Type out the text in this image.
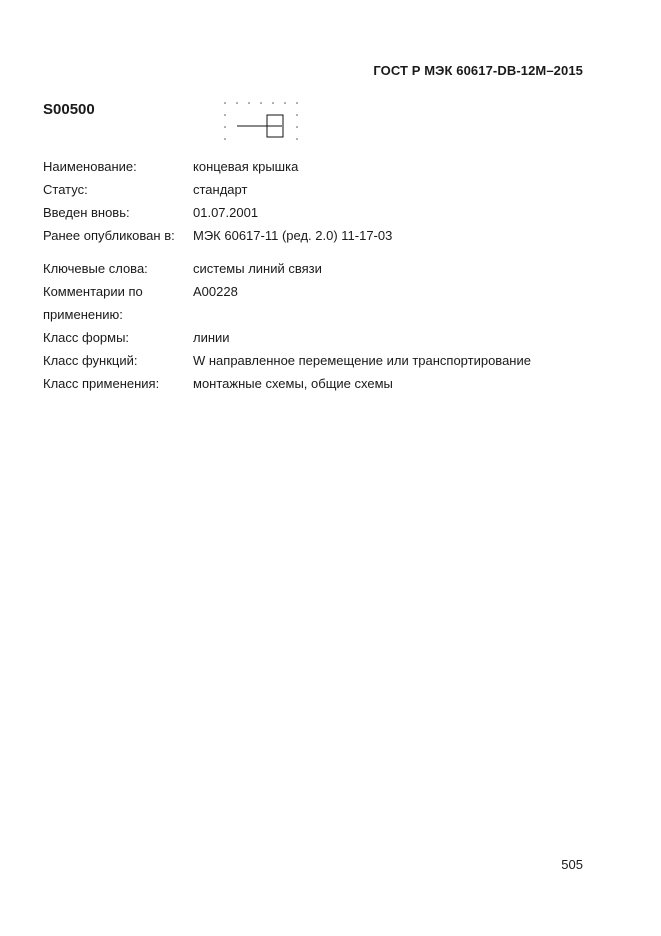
ГОСТ Р МЭК 60617-DB-12M–2015
S00500
Наименование:	концевая крышка
Статус:	стандарт
Введен вновь:	01.07.2001
Ранее опубликован в:	МЭК 60617-11 (ред. 2.0) 11-17-03
Ключевые слова:	системы линий связи
Комментарии по	A00228
применению:
Класс формы:	линии
Класс функций:	W направленное перемещение или транспортирование
Класс применения:	монтажные схемы, общие схемы
505
